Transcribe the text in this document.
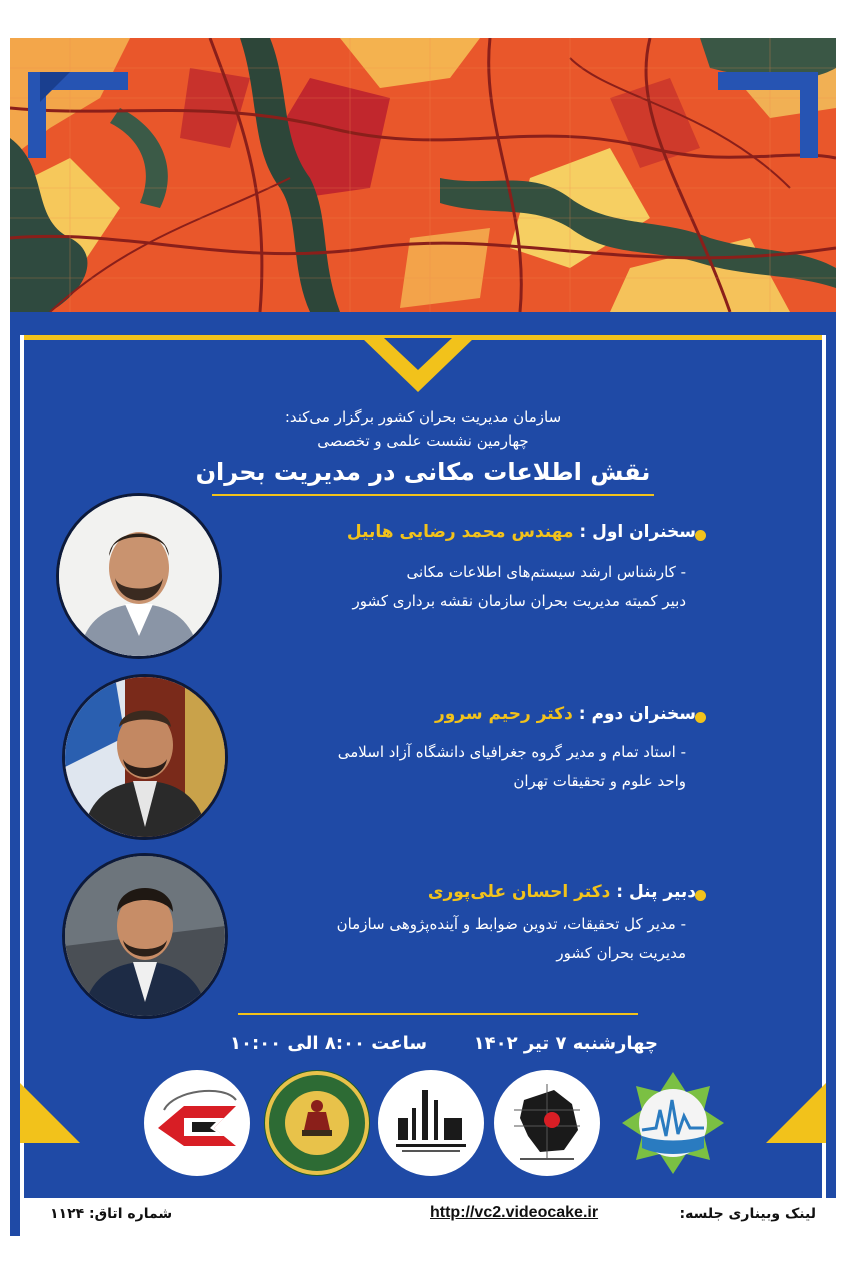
سازمان مدیریت بحران کشور برگزار می‌کند:
چهارمین نشست علمی و تخصصی
نقش اطلاعات مکانی در مدیریت بحران
سخنران اول : مهندس محمد رضایی هابیل
- کارشناس ارشد سیستم‌های اطلاعات مکانی
دبیر کمیته مدیریت بحران سازمان نقشه برداری کشور
سخنران دوم : دکتر رحیم سرور
- استاد تمام و مدیر گروه جغرافیای دانشگاه آزاد اسلامی
واحد علوم و تحقیقات تهران
دبیر پنل : دکتر احسان علی‌پوری
- مدیر کل تحقیقات، تدوین ضوابط و آینده‌پژوهی سازمان
مدیریت بحران کشور
چهارشنبه ۷ تیر ۱۴۰۲
ساعت ۸:۰۰ الی ۱۰:۰۰
شماره اتاق: ۱۱۲۴	http://vc2.videocake.ir	لینک وبیناری جلسه:
